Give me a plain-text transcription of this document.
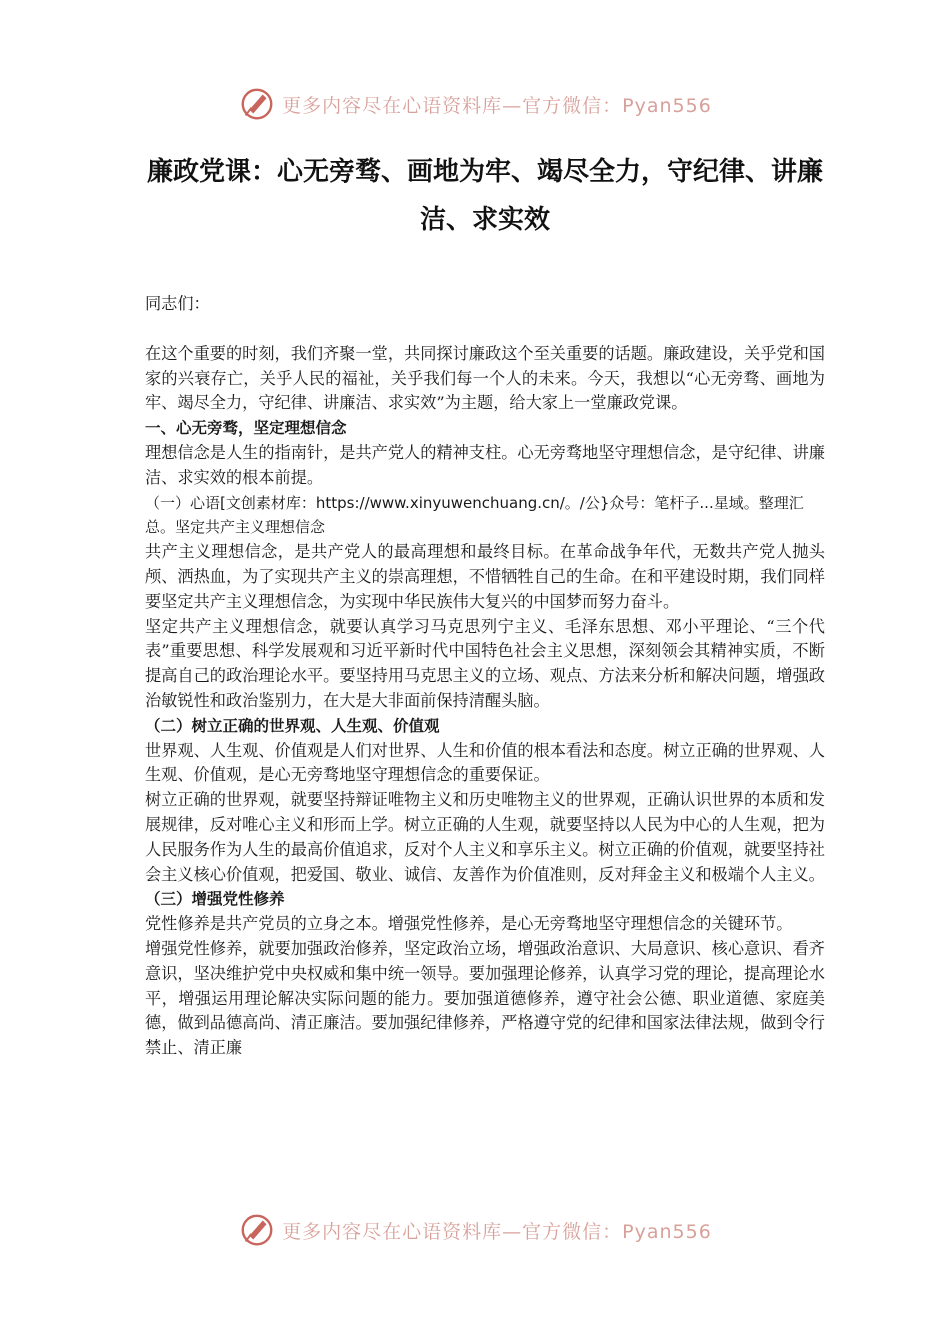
更多内容尽在心语资料库—官方微信：Pyan556
廉政党课：心无旁骛、画地为牢、竭尽全力，守纪律、讲廉洁、求实效

同志们：

在这个重要的时刻，我们齐聚一堂，共同探讨廉政这个至关重要的话题。廉政建设，关乎党和国家的兴衰存亡，关乎人民的福祉，关乎我们每一个人的未来。今天，我想以“心无旁骛、画地为牢、竭尽全力，守纪律、讲廉洁、求实效”为主题，给大家上一堂廉政党课。

一、心无旁骛，坚定理想信念

理想信念是人生的指南针，是共产党人的精神支柱。心无旁骛地坚守理想信念，是守纪律、讲廉洁、求实效的根本前提。

（一）心语[文创素材库：https://www.xinyuwenchuang.cn/。/公}众号：笔杆子...星域。整理汇总。坚定共产主义理想信念

共产主义理想信念，是共产党人的最高理想和最终目标。在革命战争年代，无数共产党人抛头颅、洒热血，为了实现共产主义的崇高理想，不惜牺牲自己的生命。在和平建设时期，我们同样要坚定共产主义理想信念，为实现中华民族伟大复兴的中国梦而努力奋斗。

坚定共产主义理想信念，就要认真学习马克思列宁主义、毛泽东思想、邓小平理论、“三个代表”重要思想、科学发展观和习近平新时代中国特色社会主义思想，深刻领会其精神实质，不断提高自己的政治理论水平。要坚持用马克思主义的立场、观点、方法来分析和解决问题，增强政治敏锐性和政治鉴别力，在大是大非面前保持清醒头脑。

（二）树立正确的世界观、人生观、价值观

世界观、人生观、价值观是人们对世界、人生和价值的根本看法和态度。树立正确的世界观、人生观、价值观，是心无旁骛地坚守理想信念的重要保证。

树立正确的世界观，就要坚持辩证唯物主义和历史唯物主义的世界观，正确认识世界的本质和发展规律，反对唯心主义和形而上学。树立正确的人生观，就要坚持以人民为中心的人生观，把为人民服务作为人生的最高价值追求，反对个人主义和享乐主义。树立正确的价值观，就要坚持社会主义核心价值观，把爱国、敬业、诚信、友善作为价值准则，反对拜金主义和极端个人主义。

（三）增强党性修养

党性修养是共产党员的立身之本。增强党性修养，是心无旁骛地坚守理想信念的关键环节。

增强党性修养，就要加强政治修养，坚定政治立场，增强政治意识、大局意识、核心意识、看齐意识，坚决维护党中央权威和集中统一领导。要加强理论修养，认真学习党的理论，提高理论水平，增强运用理论解决实际问题的能力。要加强道德修养，遵守社会公德、职业道德、家庭美德，做到品德高尚、清正廉洁。要加强纪律修养，严格遵守党的纪律和国家法律法规，做到令行禁止、清正廉

更多内容尽在心语资料库—官方微信：Pyan556
